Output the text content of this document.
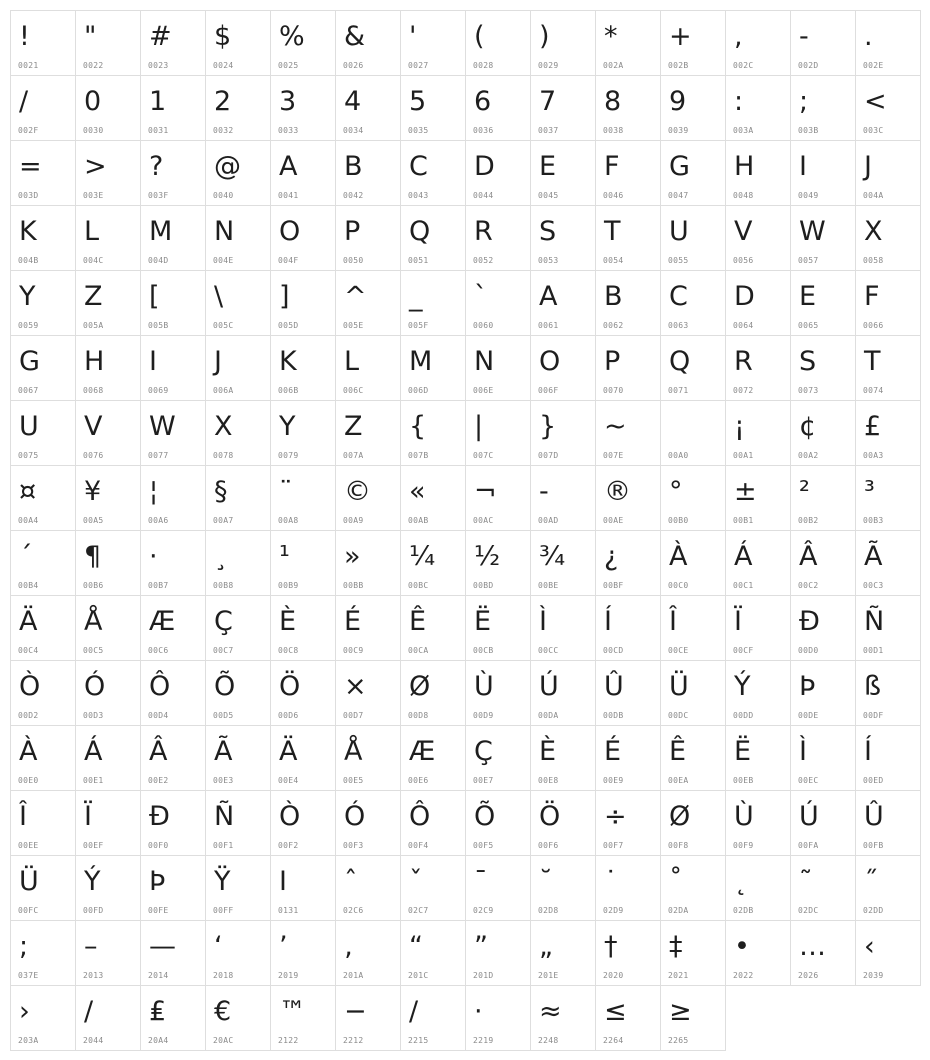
!
0021
"
0022
#
0023
$
0024
%
0025
&
0026
'
0027
(
0028
)
0029
*
002A
+
002B
,
002C
-
002D
.
002E
/
002F
0
0030
1
0031
2
0032
3
0033
4
0034
5
0035
6
0036
7
0037
8
0038
9
0039
:
003A
;
003B
<
003C
=
003D
>
003E
?
003F
@
0040
A
0041
B
0042
C
0043
D
0044
E
0045
F
0046
G
0047
H
0048
I
0049
J
004A
K
004B
L
004C
M
004D
N
004E
O
004F
P
0050
Q
0051
R
0052
S
0053
T
0054
U
0055
V
0056
W
0057
X
0058
Y
0059
Z
005A
[
005B
\
005C
]
005D
^
005E
_
005F
`
0060
A
0061
B
0062
C
0063
D
0064
E
0065
F
0066
G
0067
H
0068
I
0069
J
006A
K
006B
L
006C
M
006D
N
006E
O
006F
P
0070
Q
0071
R
0072
S
0073
T
0074
U
0075
V
0076
W
0077
X
0078
Y
0079
Z
007A
{
007B
|
007C
}
007D
~
007E	00A0
¡
00A1
¢
00A2
£
00A3
¤
00A4
¥
00A5
¦
00A6
§
00A7
¨
00A8
©
00A9
«
00AB
¬
00AC
-
00AD
®
00AE
°
00B0
±
00B1
²
00B2
³
00B3
´
00B4
¶
00B6
·
00B7
¸
00B8
¹
00B9
»
00BB
¼
00BC
½
00BD
¾
00BE
¿
00BF
À
00C0
Á
00C1
Â
00C2
Ã
00C3
Ä
00C4
Å
00C5
Æ
00C6
Ç
00C7
È
00C8
É
00C9
Ê
00CA
Ë
00CB
Ì
00CC
Í
00CD
Î
00CE
Ï
00CF
Ð
00D0
Ñ
00D1
Ò
00D2
Ó
00D3
Ô
00D4
Õ
00D5
Ö
00D6
×
00D7
Ø
00D8
Ù
00D9
Ú
00DA
Û
00DB
Ü
00DC
Ý
00DD
Þ
00DE
ß
00DF
À
00E0
Á
00E1
Â
00E2
Ã
00E3
Ä
00E4
Å
00E5
Æ
00E6
Ç
00E7
È
00E8
É
00E9
Ê
00EA
Ë
00EB
Ì
00EC
Í
00ED
Î
00EE
Ï
00EF
Ð
00F0
Ñ
00F1
Ò
00F2
Ó
00F3
Ô
00F4
Õ
00F5
Ö
00F6
÷
00F7
Ø
00F8
Ù
00F9
Ú
00FA
Û
00FB
Ü
00FC
Ý
00FD
Þ
00FE
Ÿ
00FF
I
0131
ˆ
02C6
ˇ
02C7
ˉ
02C9
˘
02D8
˙
02D9
˚
02DA
˛
02DB
˜
02DC
˝
02DD
;
037E
–
2013
—
2014
‘
2018
’
2019
‚
201A
“
201C
”
201D
„
201E
†
2020
‡
2021
•
2022
…
2026
‹
2039
›
203A
/
2044
₤
20A4
€
20AC
™
2122
−
2212
/
2215
·
2219
≈
2248
≤
2264
≥
2265
